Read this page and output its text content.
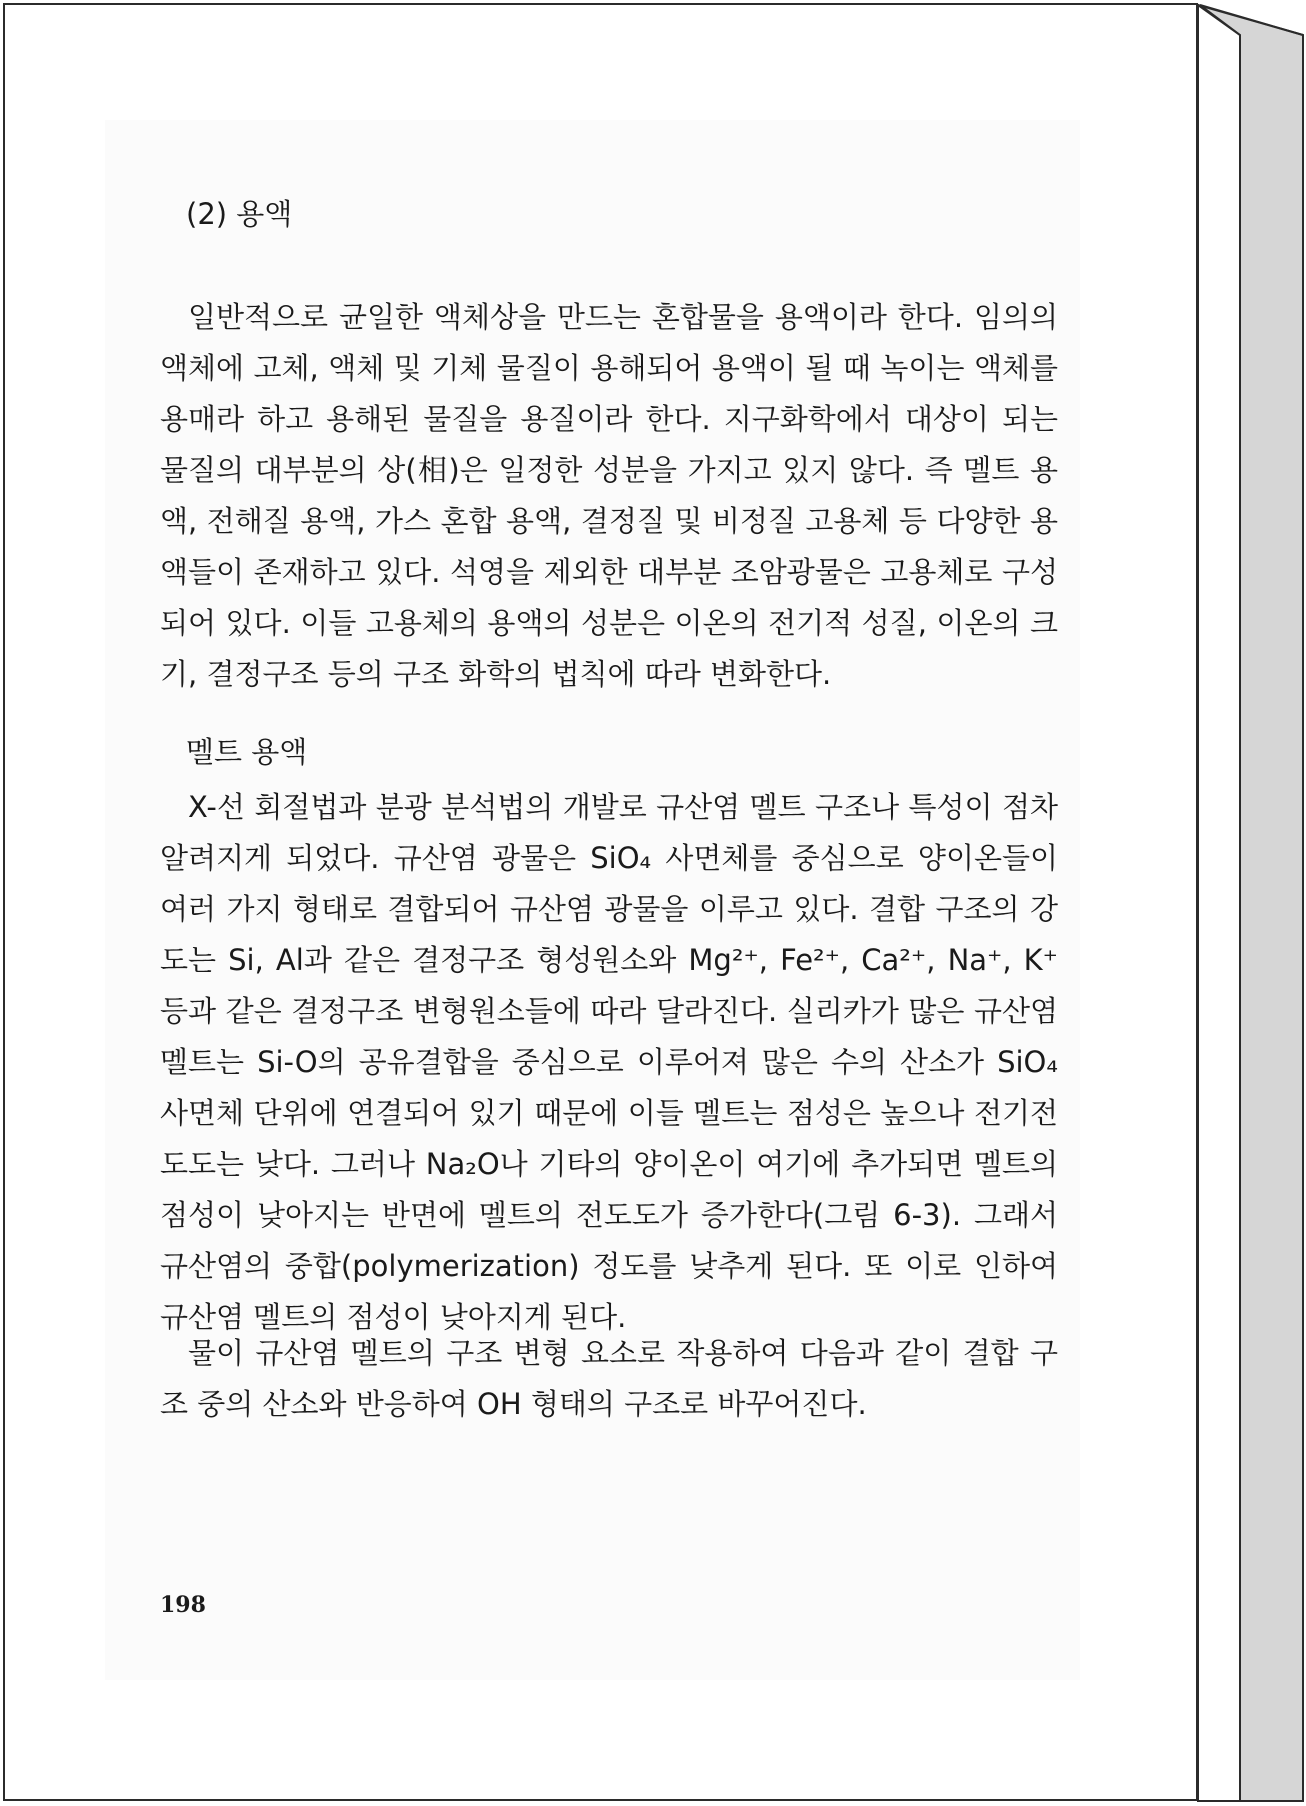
(2) 용액

일반적으로 균일한 액체상을 만드는 혼합물을 용액이라 한다. 임의의 액체에 고체, 액체 및 기체 물질이 용해되어 용액이 될 때 녹이는 액체를 용매라 하고 용해된 물질을 용질이라 한다. 지구화학에서 대상이 되는 물질의 대부분의 상(相)은 일정한 성분을 가지고 있지 않다. 즉 멜트 용액, 전해질 용액, 가스 혼합 용액, 결정질 및 비정질 고용체 등 다양한 용액들이 존재하고 있다. 석영을 제외한 대부분 조암광물은 고용체로 구성되어 있다. 이들 고용체의 용액의 성분은 이온의 전기적 성질, 이온의 크기, 결정구조 등의 구조 화학의 법칙에 따라 변화한다.

멜트 용액

X-선 회절법과 분광 분석법의 개발로 규산염 멜트 구조나 특성이 점차 알려지게 되었다. 규산염 광물은 SiO₄ 사면체를 중심으로 양이온들이 여러 가지 형태로 결합되어 규산염 광물을 이루고 있다. 결합 구조의 강도는 Si, Al과 같은 결정구조 형성원소와 Mg²⁺, Fe²⁺, Ca²⁺, Na⁺, K⁺ 등과 같은 결정구조 변형원소들에 따라 달라진다. 실리카가 많은 규산염 멜트는 Si-O의 공유결합을 중심으로 이루어져 많은 수의 산소가 SiO₄ 사면체 단위에 연결되어 있기 때문에 이들 멜트는 점성은 높으나 전기전도도는 낮다. 그러나 Na₂O나 기타의 양이온이 여기에 추가되면 멜트의 점성이 낮아지는 반면에 멜트의 전도도가 증가한다(그림 6-3). 그래서 규산염의 중합(polymerization) 정도를 낮추게 된다. 또 이로 인하여 규산염 멜트의 점성이 낮아지게 된다.

물이 규산염 멜트의 구조 변형 요소로 작용하여 다음과 같이 결합 구조 중의 산소와 반응하여 OH 형태의 구조로 바꾸어진다.

198
